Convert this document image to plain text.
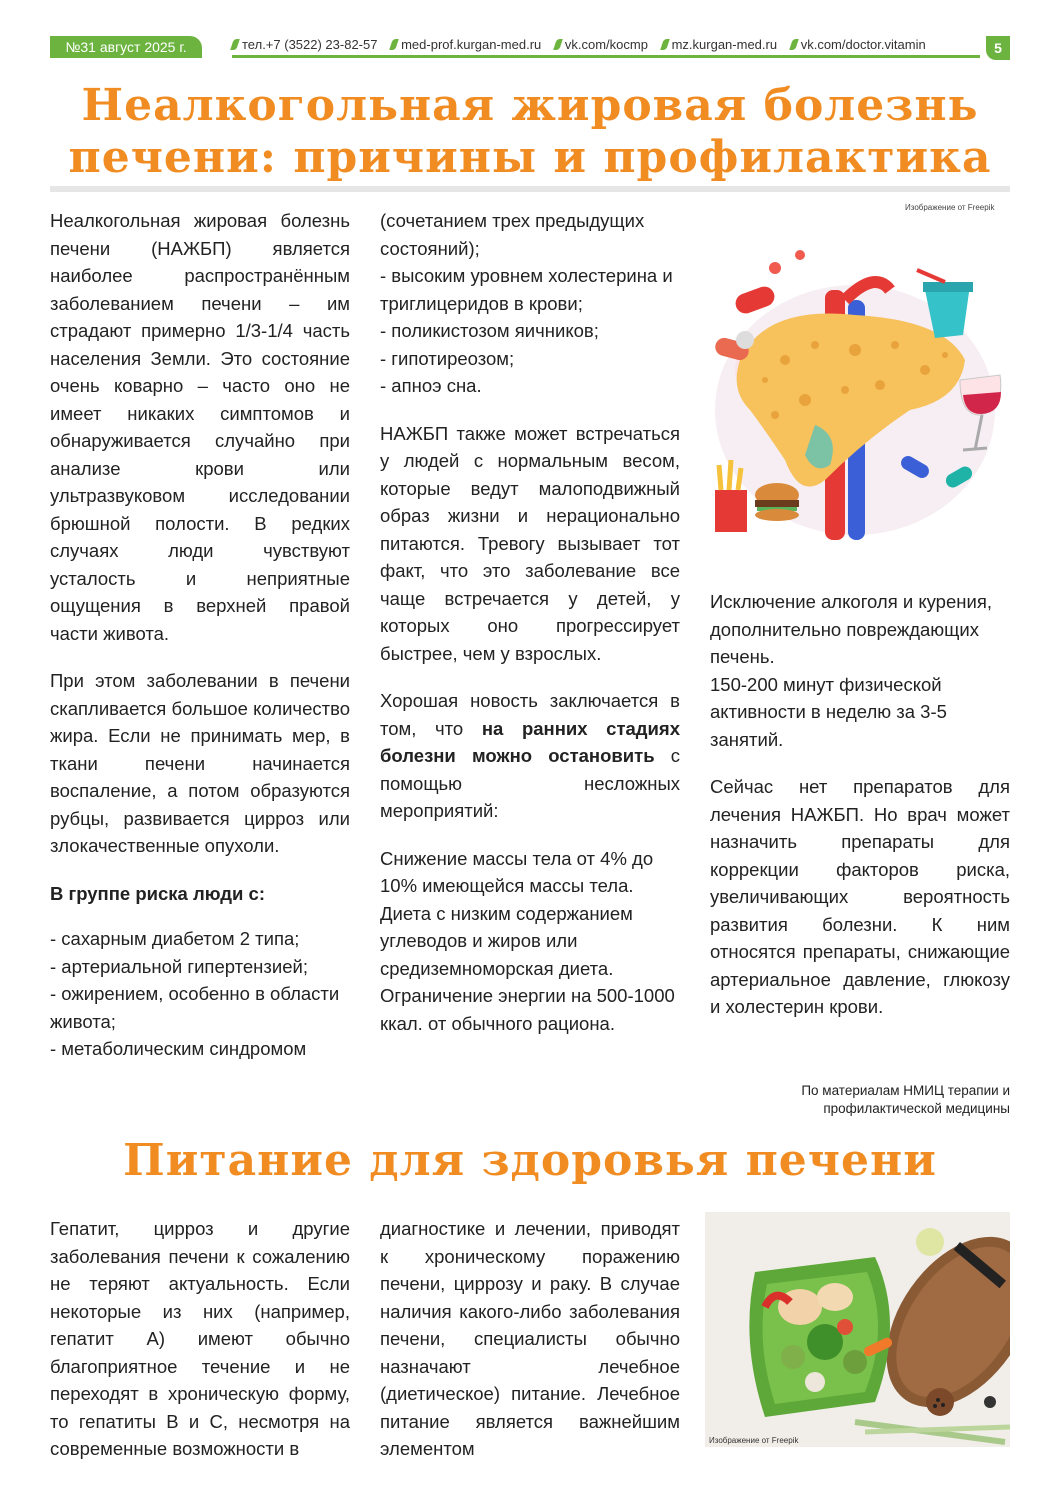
№31 август 2025 г.	тел.+7 (3522) 23-82-57
med-prof.kurgan-med.ru
vk.com/kocmp
mz.kurgan-med.ru
vk.com/doctor.vitamin	5
Неалкогольная жировая болезнь печени: причины и профилактика

Неалкогольная жировая болезнь печени (НАЖБП) является наиболее распространённым заболеванием печени – им страдают примерно 1/3-1/4 часть населения Земли. Это состояние очень коварно – часто оно не имеет никаких симптомов и обнаруживается случайно при анализе крови или ультразвуковом исследовании брюшной полости. В редких случаях люди чувствуют усталость и неприятные ощущения в верхней правой части живота.

При этом заболевании в печени скапливается большое количество жира. Если не принимать мер, в ткани печени начинается воспаление, а потом образуются рубцы, развивается цирроз или злокачественные опухоли.

В группе риска люди с:

- сахарным диабетом 2 типа;
- артериальной гипертензией;
- ожирением, особенно в области живота;
- метаболическим синдромом
(сочетанием трех предыдущих состояний);
- высоким уровнем холестерина и триглицеридов в крови;
- поликистозом яичников;
- гипотиреозом;
- апноэ сна.

НАЖБП также может встречаться у людей с нормальным весом, которые ведут малоподвижный образ жизни и нерационально питаются. Тревогу вызывает тот факт, что это заболевание все чаще встречается у детей, у которых оно прогрессирует быстрее, чем у взрослых.

Хорошая новость заключается в том, что на ранних стадиях болезни можно остановить с помощью несложных мероприятий:

Снижение массы тела от 4% до 10% имеющейся массы тела.
Диета с низким содержанием углеводов и жиров или средиземноморская диета.
Ограничение энергии на 500-1000 ккал. от обычного рациона.
Изображение от Freepik
Исключение алкоголя и курения, дополнительно повреждающих печень.
150-200 минут физической активности в неделю за 3-5 занятий.

Сейчас нет препаратов для лечения НАЖБП. Но врач может назначить препараты для коррекции факторов риска, увеличивающих вероятность развития болезни. К ним относятся препараты, снижающие артериальное давление, глюкозу и холестерин крови.

По материалам НМИЦ терапии и профилактической медицины
Питание для здоровья печени

Гепатит, цирроз и другие заболевания печени к сожалению не теряют актуальность. Если некоторые из них (например, гепатит А) имеют обычно благоприятное течение и не переходят в хроническую форму, то гепатиты В и С, несмотря на современные возможности в

диагностике и лечении, приводят к хроническому поражению печени, циррозу и раку. В случае наличия какого-либо заболевания печени, специалисты обычно назначают лечебное (диетическое) питание. Лечебное питание является важнейшим элементом	Изображение от Freepik
